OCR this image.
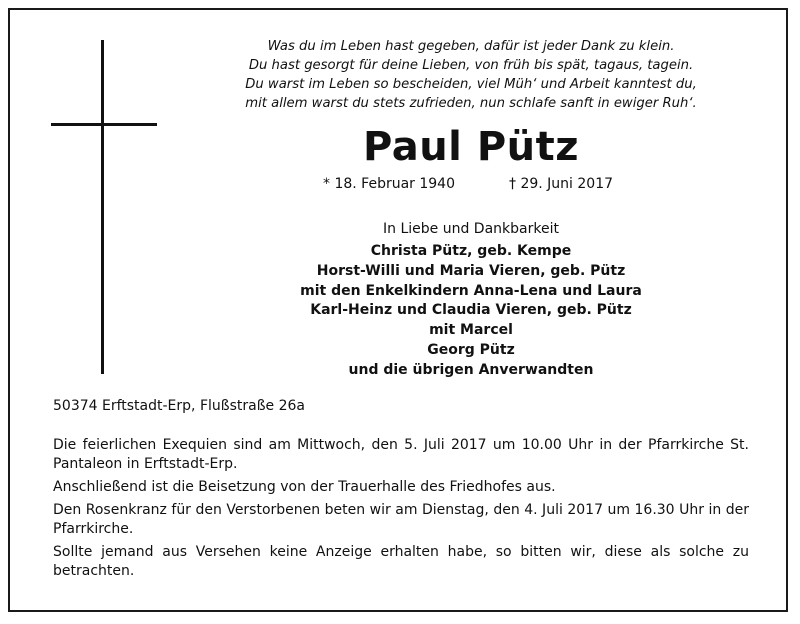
Was du im Leben hast gegeben, dafür ist jeder Dank zu klein.
Du hast gesorgt für deine Lieben, von früh bis spät, tagaus, tagein.
Du warst im Leben so bescheiden, viel Müh‘ und Arbeit kanntest du,
mit allem warst du stets zufrieden, nun schlafe sanft in ewiger Ruh‘.
Paul Pütz
* 18. Februar 1940	† 29. Juni 2017
In Liebe und Dankbarkeit
Christa Pütz, geb. Kempe
Horst-Willi und Maria Vieren, geb. Pütz
mit den Enkelkindern Anna-Lena und Laura
Karl-Heinz und Claudia Vieren, geb. Pütz
mit Marcel
Georg Pütz
und die übrigen Anverwandten
50374 Erftstadt-Erp, Flußstraße 26a

Die feierlichen Exequien sind am Mittwoch, den 5. Juli 2017 um 10.00 Uhr in der Pfarrkirche St. Pantaleon in Erftstadt-Erp.

Anschließend ist die Beisetzung von der Trauerhalle des Friedhofes aus.

Den Rosenkranz für den Verstorbenen beten wir am Dienstag, den 4. Juli 2017 um 16.30 Uhr in der Pfarrkirche.

Sollte jemand aus Versehen keine Anzeige erhalten habe, so bitten wir, diese als solche zu betrachten.
